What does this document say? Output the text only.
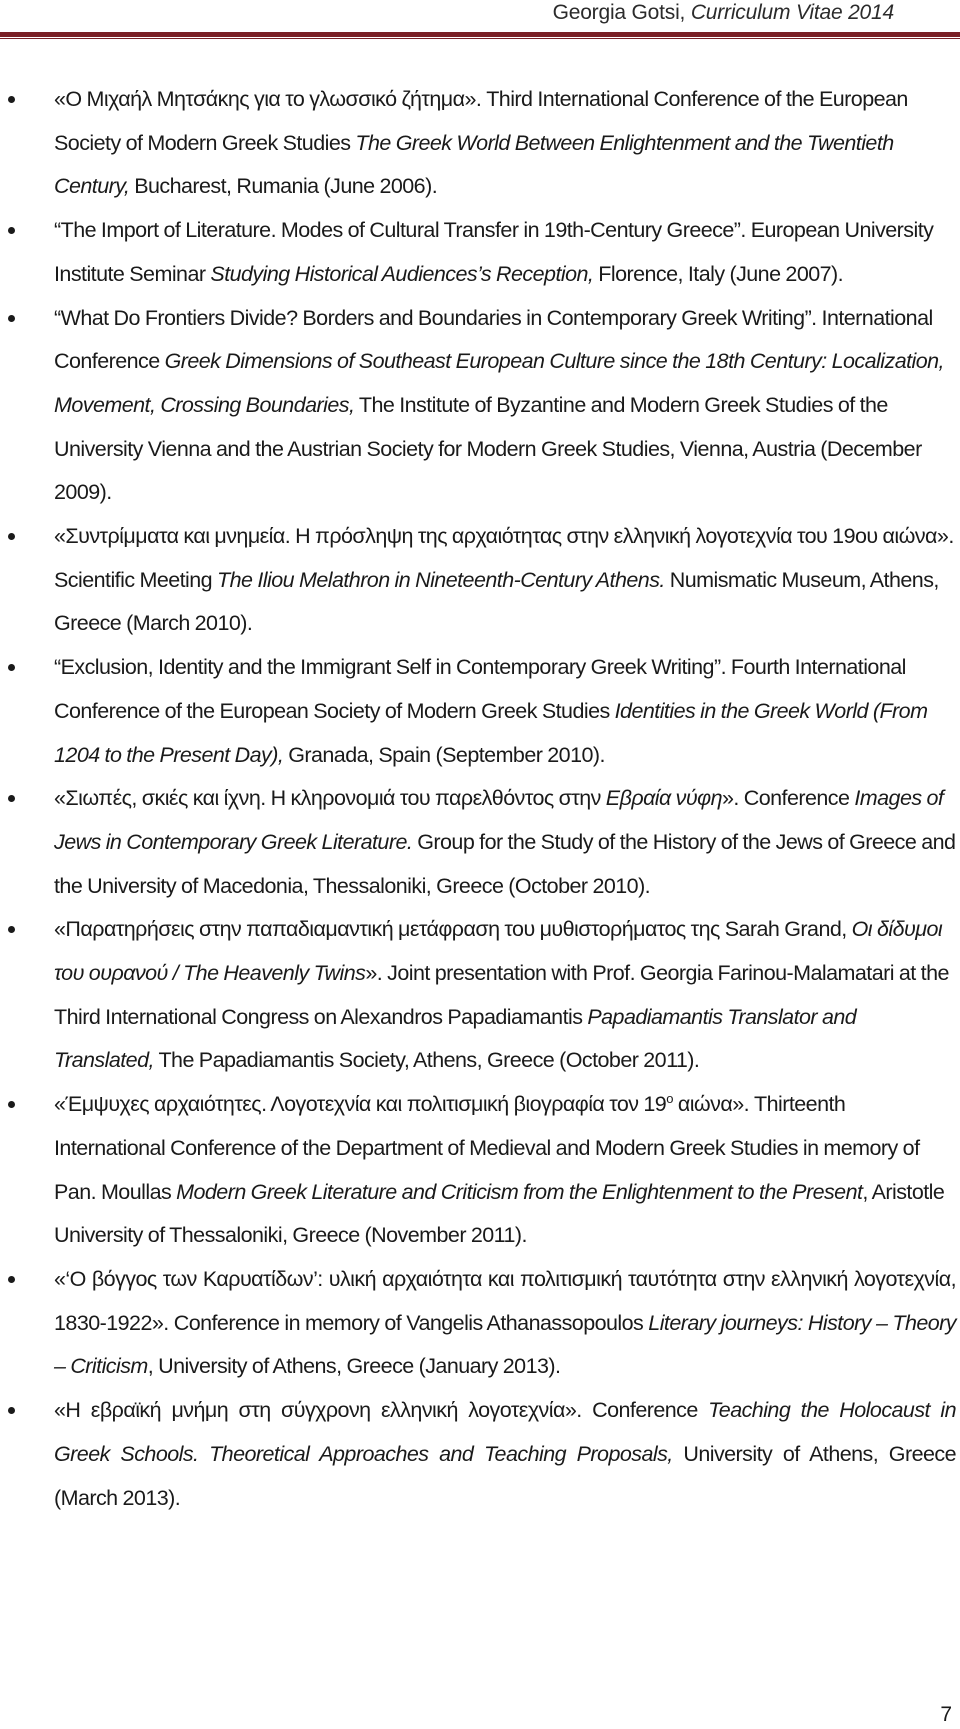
Georgia Gotsi, Curriculum Vitae 2014
«Ο Μιχαήλ Μητσάκης για το γλωσσικό ζήτημα». Third International Conference of the European Society of Modern Greek Studies The Greek World Between Enlightenment and the Twentieth Century, Bucharest, Rumania (June 2006).
“The Import of Literature. Modes of Cultural Transfer in 19th-Century Greece”. European University Institute Seminar Studying Historical Audiences’s Reception, Florence, Italy (June 2007).
“What Do Frontiers Divide? Borders and Boundaries in Contemporary Greek Writing”. International Conference Greek Dimensions of Southeast European Culture since the 18th Century: Localization, Movement, Crossing Boundaries, The Institute of Byzantine and Modern Greek Studies of the University Vienna and the Austrian Society for Modern Greek Studies, Vienna, Austria (December 2009).
«Συντρίμματα και μνημεία. Η πρόσληψη της αρχαιότητας στην ελληνική λογοτεχνία του 19ου αιώνα». Scientific Meeting The Iliou Melathron in Nineteenth-Century Athens. Numismatic Museum, Athens, Greece (March 2010).
“Exclusion, Identity and the Immigrant Self in Contemporary Greek Writing”. Fourth International Conference of the European Society of Modern Greek Studies Identities in the Greek World (From 1204 to the Present Day), Granada, Spain (September 2010).
«Σιωπές, σκιές και ίχνη. Η κληρονομιά του παρελθόντος στην Εβραία νύφη». Conference Images of Jews in Contemporary Greek Literature. Group for the Study of the History of the Jews of Greece and the University of Macedonia, Thessaloniki, Greece (October 2010).
«Παρατηρήσεις στην παπαδιαμαντική μετάφραση του μυθιστορήματος της Sarah Grand, Οι δίδυμοι του ουρανού / The Heavenly Twins». Joint presentation with Prof. Georgia Farinou-Malamatari at the Third International Congress on Alexandros Papadiamantis Papadiamantis Translator and Translated, The Papadiamantis Society, Athens, Greece (October 2011).
«Έμψυχες αρχαιότητες. Λογοτεχνία και πολιτισμική βιογραφία τον $19^o$ αιώνα». Thirteenth International Conference of the Department of Medieval and Modern Greek Studies in memory of Pan. Moullas Modern Greek Literature and Criticism from the Enlightenment to the Present, Aristotle University of Thessaloniki, Greece (November 2011).
«‘Ο βόγγος των Καρυατίδων’: υλική αρχαιότητα και πολιτισμική ταυτότητα στην ελληνική λογοτεχνία, 1830-1922». Conference in memory of Vangelis Athanassopoulos Literary journeys: History – Theory – Criticism, University of Athens, Greece (January 2013).
«Η εβραϊκή μνήμη στη σύγχρονη ελληνική λογοτεχνία». Conference Teaching the Holocaust in Greek Schools. Theoretical Approaches and Teaching Proposals, University of Athens, Greece (March 2013).
7
